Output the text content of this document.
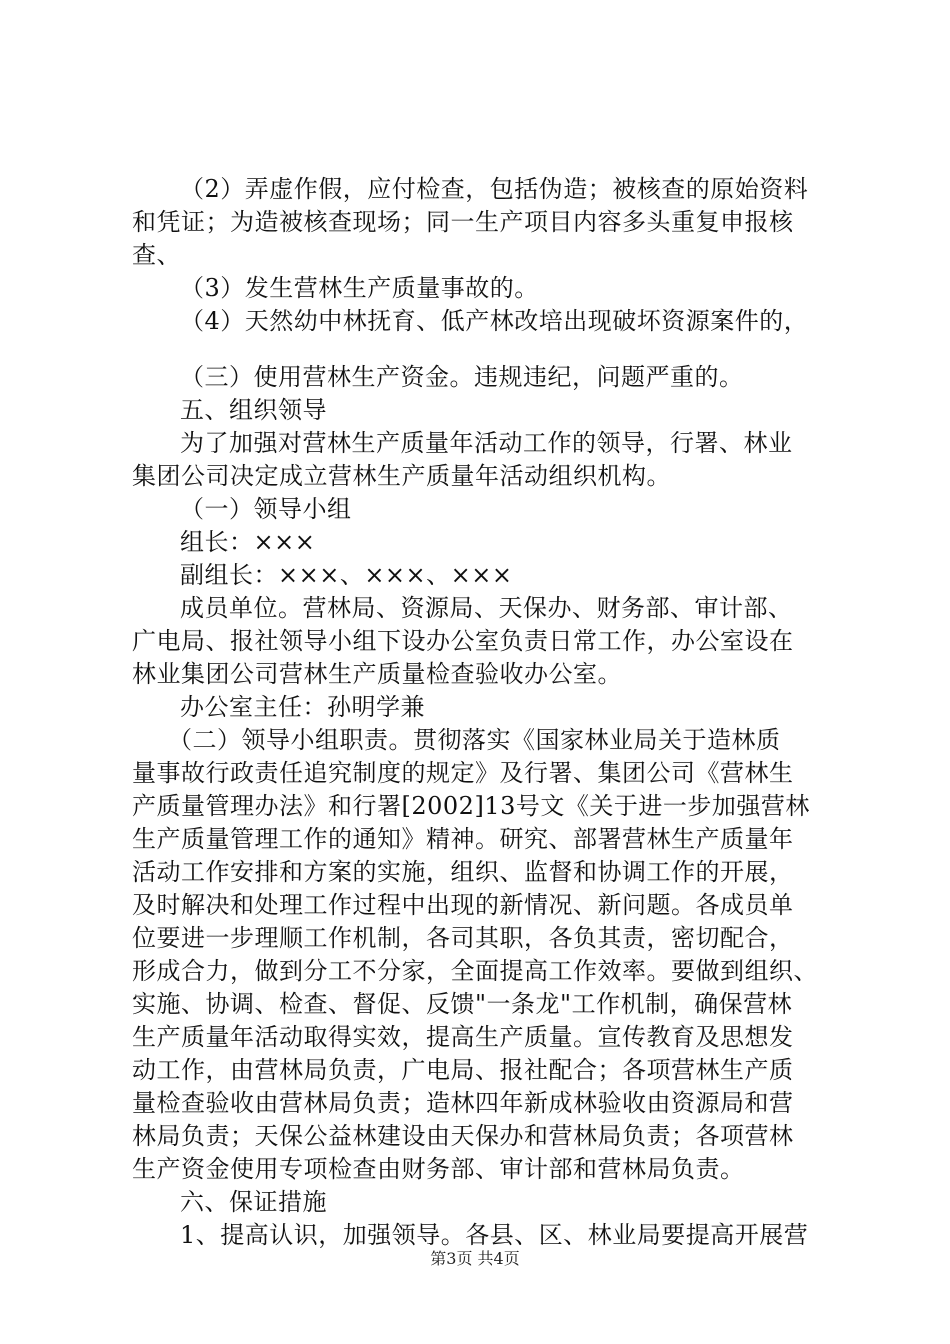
（2）弄虚作假，应付检查，包括伪造；被核查的原始资料
和凭证；为造被核查现场；同一生产项目内容多头重复申报核
查、
（3）发生营林生产质量事故的。
（4）天然幼中林抚育、低产林改培出现破坏资源案件的，
（三）使用营林生产资金。违规违纪，问题严重的。
五、组织领导
为了加强对营林生产质量年活动工作的领导，行署、林业
集团公司决定成立营林生产质量年活动组织机构。
（一）领导小组
组长：×××
副组长：×××、×××、×××
成员单位。营林局、资源局、天保办、财务部、审计部、
广电局、报社领导小组下设办公室负责日常工作，办公室设在
林业集团公司营林生产质量检查验收办公室。
办公室主任：孙明学兼
（二）领导小组职责。贯彻落实《国家林业局关于造林质
量事故行政责任追究制度的规定》及行署、集团公司《营林生
产质量管理办法》和行署[2002]13号文《关于进一步加强营林
生产质量管理工作的通知》精神。研究、部署营林生产质量年
活动工作安排和方案的实施，组织、监督和协调工作的开展，
及时解决和处理工作过程中出现的新情况、新问题。各成员单
位要进一步理顺工作机制，各司其职，各负其责，密切配合，
形成合力，做到分工不分家，全面提高工作效率。要做到组织、
实施、协调、检查、督促、反馈"一条龙"工作机制，确保营林
生产质量年活动取得实效，提高生产质量。宣传教育及思想发
动工作，由营林局负责，广电局、报社配合；各项营林生产质
量检查验收由营林局负责；造林四年新成林验收由资源局和营
林局负责；天保公益林建设由天保办和营林局负责；各项营林
生产资金使用专项检查由财务部、审计部和营林局负责。
六、保证措施
1、提高认识，加强领导。各县、区、林业局要提高开展营
第3页 共4页
